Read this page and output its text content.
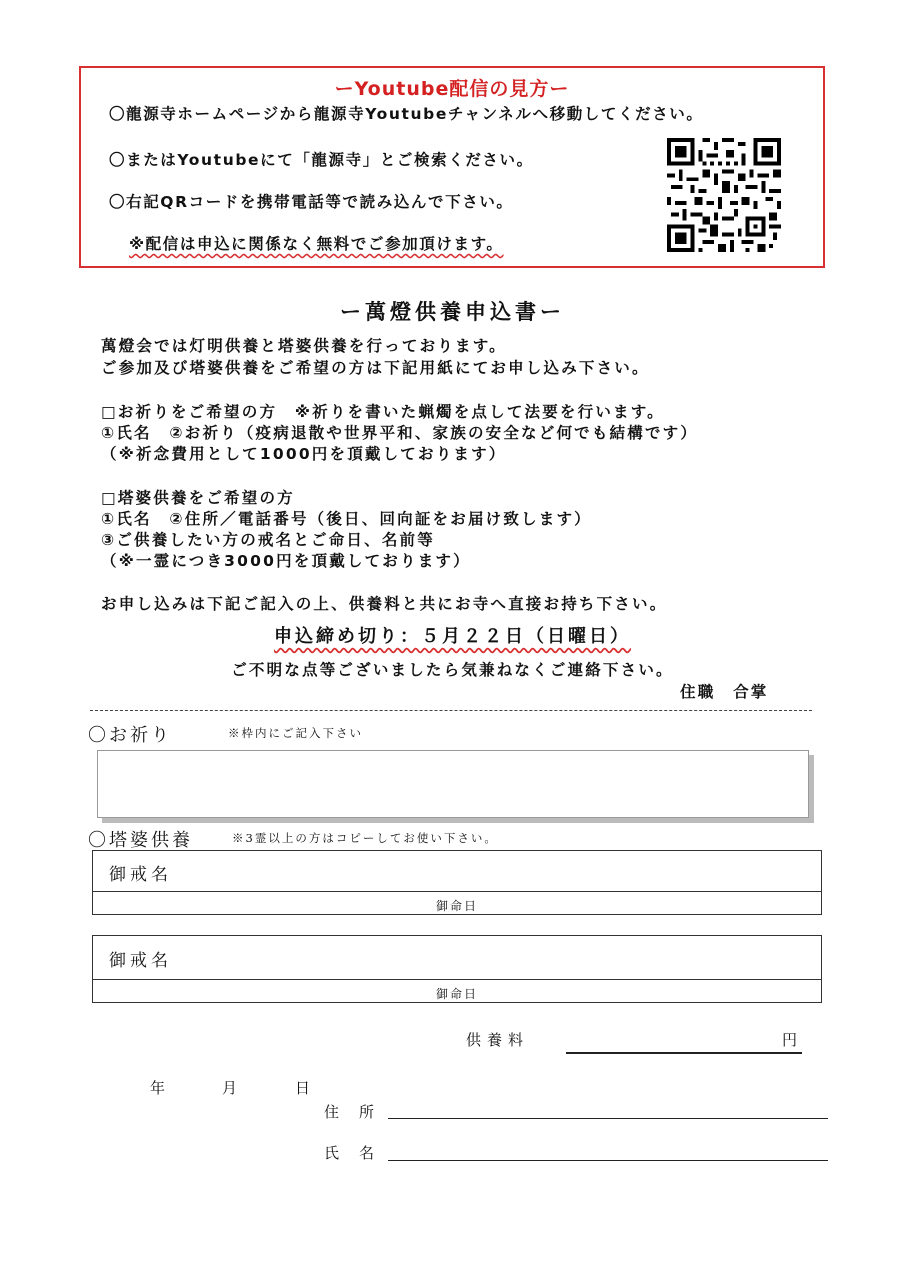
ーYoutube配信の見方ー
〇龍源寺ホームページから龍源寺Youtubeチャンネルへ移動してください。
〇またはYoutubeにて「龍源寺」とご検索ください。
〇右記QRコードを携帯電話等で読み込んで下さい。
※配信は申込に関係なく無料でご参加頂けます。
ー萬燈供養申込書ー
萬燈会では灯明供養と塔婆供養を行っております。
ご参加及び塔婆供養をご希望の方は下記用紙にてお申し込み下さい。
□お祈りをご希望の方　※祈りを書いた蝋燭を点して法要を行います。
①氏名　②お祈り（疫病退散や世界平和、家族の安全など何でも結構です）
（※祈念費用として1000円を頂戴しております）
□塔婆供養をご希望の方
①氏名　②住所／電話番号（後日、回向証をお届け致します）
③ご供養したい方の戒名とご命日、名前等
（※一霊につき3000円を頂戴しております）
お申し込みは下記ご記入の上、供養料と共にお寺へ直接お持ち下さい。
申込締め切り：５月２２日（日曜日）
ご不明な点等ございましたら気兼ねなくご連絡下さい。
住職　合掌
〇お祈り	※枠内にご記入下さい
〇塔婆供養	※3霊以上の方はコピーしてお使い下さい。
御戒名
御命日
御戒名
御命日
供養料	円
年	月	日
住所
氏名
